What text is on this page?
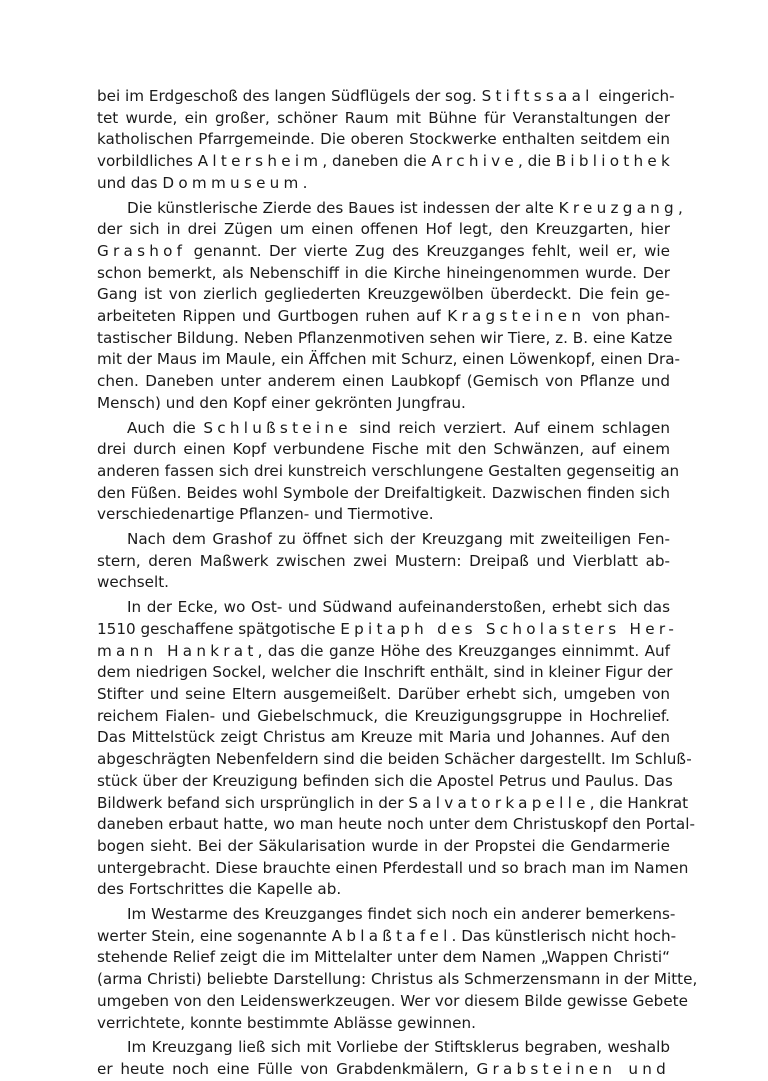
bei im Erdgeschoß des langen Südflügels der sog. Stiftssaal eingerich-
tet wurde, ein großer, schöner Raum mit Bühne für Veranstaltungen der
katholischen Pfarrgemeinde. Die oberen Stockwerke enthalten seitdem ein
vorbildliches Altersheim, daneben die Archive, die Bibliothek
und das Dommuseum.
Die künstlerische Zierde des Baues ist indessen der alte Kreuzgang,
der sich in drei Zügen um einen offenen Hof legt, den Kreuzgarten, hier
Grashof genannt. Der vierte Zug des Kreuzganges fehlt, weil er, wie
schon bemerkt, als Nebenschiff in die Kirche hineingenommen wurde. Der
Gang ist von zierlich gegliederten Kreuzgewölben überdeckt. Die fein ge-
arbeiteten Rippen und Gurtbogen ruhen auf Kragsteinen von phan-
tastischer Bildung. Neben Pflanzenmotiven sehen wir Tiere, z. B. eine Katze
mit der Maus im Maule, ein Äffchen mit Schurz, einen Löwenkopf, einen Dra-
chen. Daneben unter anderem einen Laubkopf (Gemisch von Pflanze und
Mensch) und den Kopf einer gekrönten Jungfrau.
Auch die Schlußsteine sind reich verziert. Auf einem schlagen
drei durch einen Kopf verbundene Fische mit den Schwänzen, auf einem
anderen fassen sich drei kunstreich verschlungene Gestalten gegenseitig an
den Füßen. Beides wohl Symbole der Dreifaltigkeit. Dazwischen finden sich
verschiedenartige Pflanzen- und Tiermotive.
Nach dem Grashof zu öffnet sich der Kreuzgang mit zweiteiligen Fen-
stern, deren Maßwerk zwischen zwei Mustern: Dreipaß und Vierblatt ab-
wechselt.
In der Ecke, wo Ost- und Südwand aufeinanderstoßen, erhebt sich das
1510 geschaffene spätgotische Epitaph des Scholasters Her-
mann Hankrat, das die ganze Höhe des Kreuzganges einnimmt. Auf
dem niedrigen Sockel, welcher die Inschrift enthält, sind in kleiner Figur der
Stifter und seine Eltern ausgemeißelt. Darüber erhebt sich, umgeben von
reichem Fialen- und Giebelschmuck, die Kreuzigungsgruppe in Hochrelief.
Das Mittelstück zeigt Christus am Kreuze mit Maria und Johannes. Auf den
abgeschrägten Nebenfeldern sind die beiden Schächer dargestellt. Im Schluß-
stück über der Kreuzigung befinden sich die Apostel Petrus und Paulus. Das
Bildwerk befand sich ursprünglich in der Salvatorkapelle, die Hankrat
daneben erbaut hatte, wo man heute noch unter dem Christuskopf den Portal-
bogen sieht. Bei der Säkularisation wurde in der Propstei die Gendarmerie
untergebracht. Diese brauchte einen Pferdestall und so brach man im Namen
des Fortschrittes die Kapelle ab.
Im Westarme des Kreuzganges findet sich noch ein anderer bemerkens-
werter Stein, eine sogenannte Ablaßtafel. Das künstlerisch nicht hoch-
stehende Relief zeigt die im Mittelalter unter dem Namen „Wappen Christi“
(arma Christi) beliebte Darstellung: Christus als Schmerzensmann in der Mitte,
umgeben von den Leidenswerkzeugen. Wer vor diesem Bilde gewisse Gebete
verrichtete, konnte bestimmte Ablässe gewinnen.
Im Kreuzgang ließ sich mit Vorliebe der Stiftsklerus begraben, weshalb
er heute noch eine Fülle von Grabdenkmälern, Grabsteinen und
